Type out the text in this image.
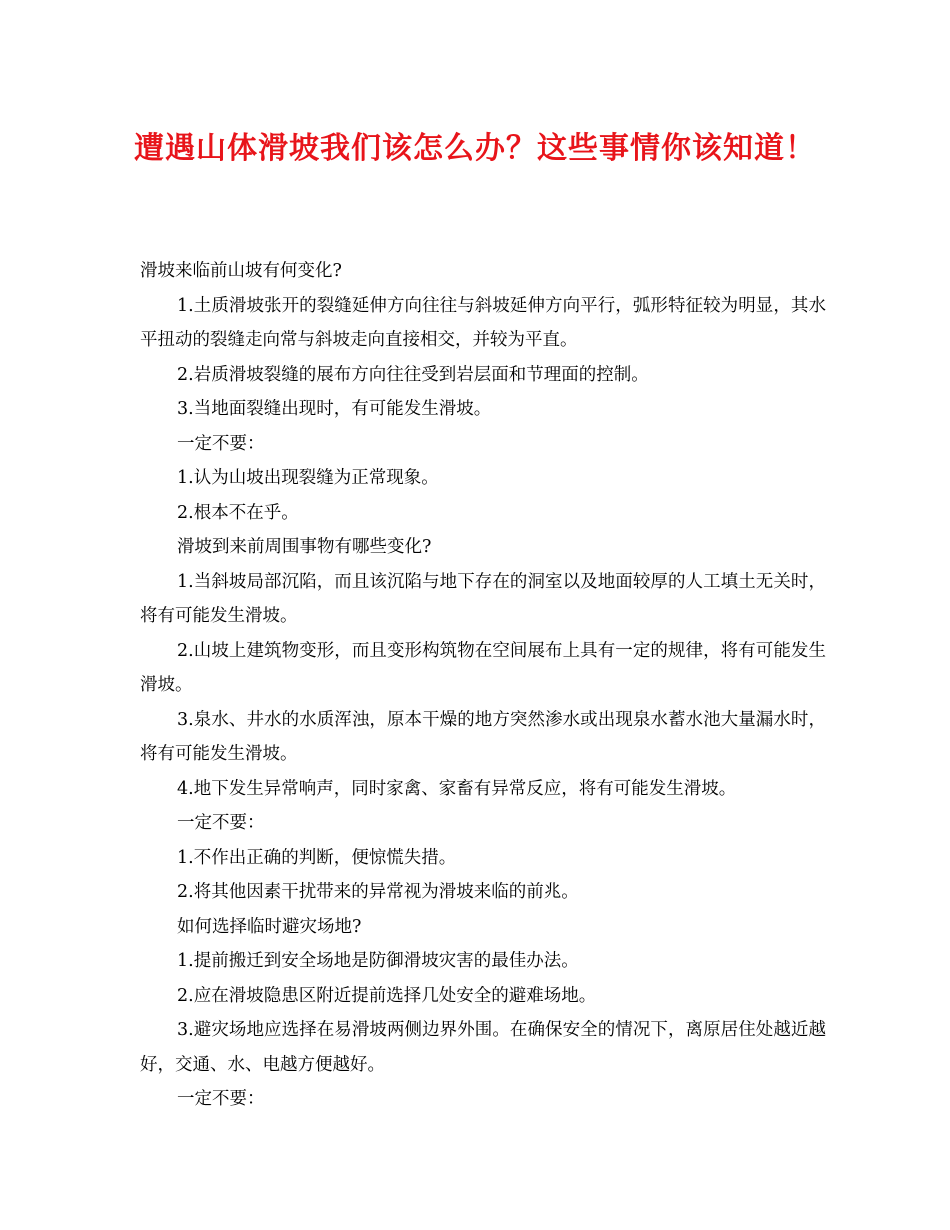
遭遇山体滑坡我们该怎么办？这些事情你该知道！

滑坡来临前山坡有何变化?

1.土质滑坡张开的裂缝延伸方向往往与斜坡延伸方向平行，弧形特征较为明显，其水平扭动的裂缝走向常与斜坡走向直接相交，并较为平直。

2.岩质滑坡裂缝的展布方向往往受到岩层面和节理面的控制。

3.当地面裂缝出现时，有可能发生滑坡。

一定不要：

1.认为山坡出现裂缝为正常现象。

2.根本不在乎。

滑坡到来前周围事物有哪些变化?

1.当斜坡局部沉陷，而且该沉陷与地下存在的洞室以及地面较厚的人工填土无关时，将有可能发生滑坡。

2.山坡上建筑物变形，而且变形构筑物在空间展布上具有一定的规律，将有可能发生滑坡。

3.泉水、井水的水质浑浊，原本干燥的地方突然渗水或出现泉水蓄水池大量漏水时，将有可能发生滑坡。

4.地下发生异常响声，同时家禽、家畜有异常反应，将有可能发生滑坡。

一定不要：

1.不作出正确的判断，便惊慌失措。

2.将其他因素干扰带来的异常视为滑坡来临的前兆。

如何选择临时避灾场地?

1.提前搬迁到安全场地是防御滑坡灾害的最佳办法。

2.应在滑坡隐患区附近提前选择几处安全的避难场地。

3.避灾场地应选择在易滑坡两侧边界外围。在确保安全的情况下，离原居住处越近越好，交通、水、电越方便越好。

一定不要：
